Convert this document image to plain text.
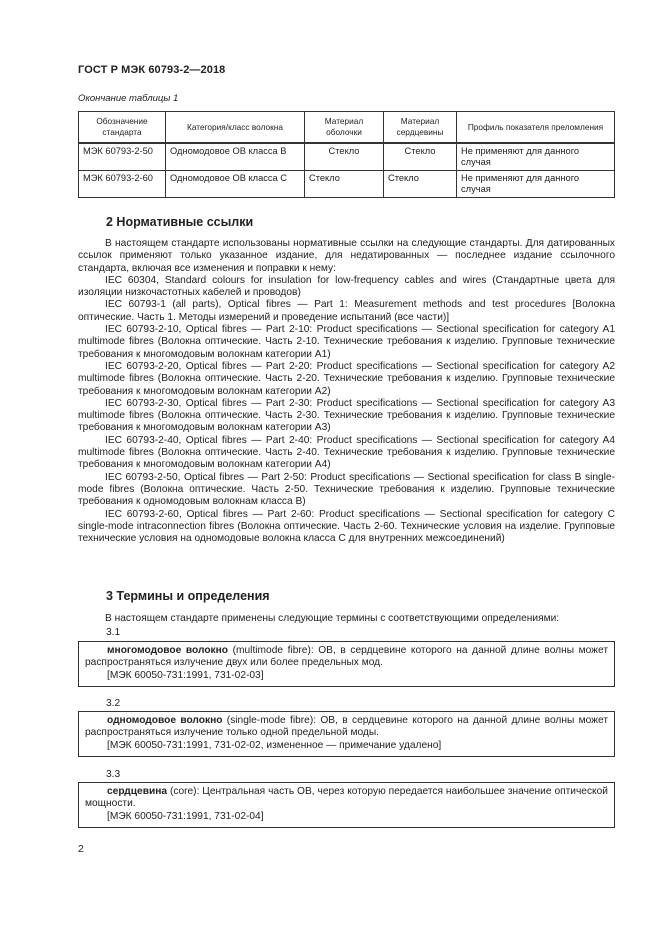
ГОСТ Р МЭК 60793-2—2018
Окончание таблицы 1
Обозначение стандарта	Категория/класс волокна	Материал оболочки	Материал сердцевины	Профиль показателя преломления
МЭК 60793-2-50	Одномодовое ОВ класса В	Стекло	Стекло	Не применяют для данного случая
МЭК 60793-2-60	Одномодовое ОВ класса С	Стекло	Стекло	Не применяют для данного случая
2 Нормативные ссылки

В настоящем стандарте использованы нормативные ссылки на следующие стандарты. Для датированных ссылок применяют только указанное издание, для недатированных — последнее издание ссылочного стандарта, включая все изменения и поправки к нему:

IEC 60304, Standard colours for insulation for low-frequency cables and wires (Стандартные цвета для изоляции низкочастотных кабелей и проводов)

IEC 60793-1 (all parts), Optical fibres — Part 1: Measurement methods and test procedures [Волокна оптические. Часть 1. Методы измерений и проведение испытаний (все части)]

IEC 60793-2-10, Optical fibres — Part 2-10: Product specifications — Sectional specification for category A1 multimode fibres (Волокна оптические. Часть 2-10. Технические требования к изделию. Групповые технические требования к многомодовым волокнам категории А1)

IEC 60793-2-20, Optical fibres — Part 2-20: Product specifications — Sectional specification for category A2 multimode fibres (Волокна оптические. Часть 2-20. Технические требования к изделию. Групповые технические требования к многомодовым волокнам категории А2)

IEC 60793-2-30, Optical fibres — Part 2-30: Product specifications — Sectional specification for category A3 multimode fibres (Волокна оптические. Часть 2-30. Технические требования к изделию. Групповые технические требования к многомодовым волокнам категории А3)

IEC 60793-2-40, Optical fibres — Part 2-40: Product specifications — Sectional specification for category A4 multimode fibres (Волокна оптические. Часть 2-40. Технические требования к изделию. Групповые технические требования к многомодовым волокнам категории А4)

IEC 60793-2-50, Optical fibres — Part 2-50: Product specifications — Sectional specification for class B single-mode fibres (Волокна оптические. Часть 2-50. Технические требования к изделию. Групповые технические требования к одномодовым волокнам класса В)

IEC 60793-2-60, Optical fibres — Part 2-60: Product specifications — Sectional specification for category C single-mode intraconnection fibres (Волокна оптические. Часть 2-60. Технические условия на изделие. Групповые технические условия на одномодовые волокна класса С для внутренних межсоединений)

3 Термины и определения

В настоящем стандарте применены следующие термины с соответствующими определениями:

3.1

многомодовое волокно (multimode fibre): ОВ, в сердцевине которого на данной длине волны может распространяться излучение двух или более предельных мод.

[МЭК 60050-731:1991, 731-02-03]

3.2

одномодовое волокно (single-mode fibre): ОВ, в сердцевине которого на данной длине волны может распространяться излучение только одной предельной моды.

[МЭК 60050-731:1991, 731-02-02, измененное — примечание удалено]

3.3

сердцевина (core): Центральная часть ОВ, через которую передается наибольшее значение оптической мощности.

[МЭК 60050-731:1991, 731-02-04]

2
